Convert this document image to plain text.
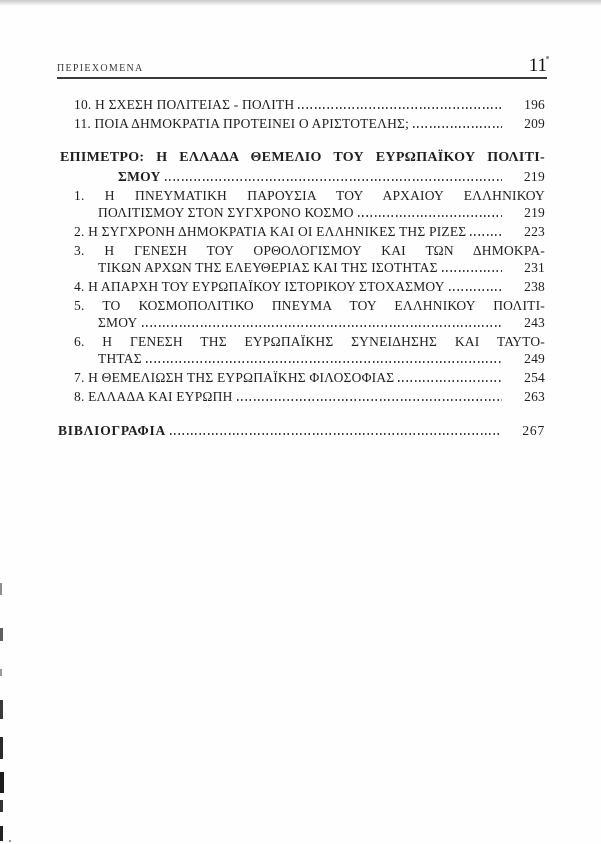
ΠΕΡΙΕΧΟΜΕΝΑ	11
10. Η ΣΧΕΣΗ ΠΟΛΙΤΕΙΑΣ - ΠΟΛΙΤΗ	196
11. ΠΟΙΑ ΔΗΜΟΚΡΑΤΙΑ ΠΡΟΤΕΙΝΕΙ Ο ΑΡΙΣΤΟΤΕΛΗΣ;	209
ΕΠΙΜΕΤΡΟ: Η ΕΛΛΑΔΑ ΘΕΜΕΛΙΟ ΤΟΥ ΕΥΡΩΠΑΪΚΟΥ ΠΟΛΙΤΙ-
ΣΜΟΥ	219
1. Η ΠΝΕΥΜΑΤΙΚΗ ΠΑΡΟΥΣΙΑ ΤΟΥ ΑΡΧΑΙΟΥ ΕΛΛΗΝΙΚΟΥ
ΠΟΛΙΤΙΣΜΟΥ ΣΤΟΝ ΣΥΓΧΡΟΝΟ ΚΟΣΜΟ	219
2. Η ΣΥΓΧΡΟΝΗ ΔΗΜΟΚΡΑΤΙΑ ΚΑΙ ΟΙ ΕΛΛΗΝΙΚΕΣ ΤΗΣ ΡΙΖΕΣ	223
3. Η ΓΕΝΕΣΗ ΤΟΥ ΟΡΘΟΛΟΓΙΣΜΟΥ ΚΑΙ ΤΩΝ ΔΗΜΟΚΡΑ-
ΤΙΚΩΝ ΑΡΧΩΝ ΤΗΣ ΕΛΕΥΘΕΡΙΑΣ ΚΑΙ ΤΗΣ ΙΣΟΤΗΤΑΣ	231
4. Η ΑΠΑΡΧΗ ΤΟΥ ΕΥΡΩΠΑΪΚΟΥ ΙΣΤΟΡΙΚΟΥ ΣΤΟΧΑΣΜΟΥ	238
5. ΤΟ ΚΟΣΜΟΠΟΛΙΤΙΚΟ ΠΝΕΥΜΑ ΤΟΥ ΕΛΛΗΝΙΚΟΥ ΠΟΛΙΤΙ-
ΣΜΟΥ	243
6. Η ΓΕΝΕΣΗ ΤΗΣ ΕΥΡΩΠΑΪΚΗΣ ΣΥΝΕΙΔΗΣΗΣ ΚΑΙ ΤΑΥΤΟ-
ΤΗΤΑΣ	249
7. Η ΘΕΜΕΛΙΩΣΗ ΤΗΣ ΕΥΡΩΠΑΪΚΗΣ ΦΙΛΟΣΟΦΙΑΣ	254
8. ΕΛΛΑΔΑ ΚΑΙ ΕΥΡΩΠΗ	263
ΒΙΒΛΙΟΓΡΑΦΙΑ	267
